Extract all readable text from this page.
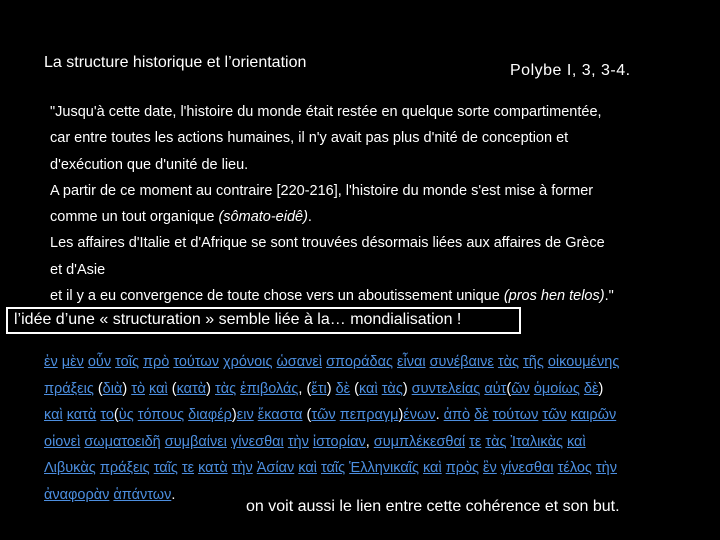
La structure historique et l’orientation	Polybe I, 3, 3-4.
"Jusqu'à cette date, l'histoire du monde était restée en quelque sorte compartimentée,
car entre toutes les actions humaines, il n'y avait pas plus d'nité de conception et
d'exécution que d'unité de lieu.
A partir de ce moment au contraire [220-216], l'histoire du monde s'est mise à former
comme un tout organique (sômato-eidê).
Les affaires d'Italie et d'Afrique se sont trouvées désormais liées aux affaires de Grèce
et d'Asie
et il y a eu convergence de toute chose vers un aboutissement unique (pros hen telos)."
l’idée d’une « structuration » semble liée à la… mondialisation !
ἐν μὲν οὖν τοῖς πρὸ τούτων χρόνοις ὡσανεὶ σποράδας εἶναι συνέβαινε τὰς τῆς οἰκουμένης
πράξεις (διὰ) τὸ καὶ (κατὰ) τὰς ἐπιβολάς, (ἔτι) δὲ (καὶ τὰς) συντελείας αὐτ(ῶν ὁμοίως δὲ)
καὶ κατὰ το(ὺς τόπους διαφέρ)ειν ἕκαστα (τῶν πεπραγμ)ένων. ἀπὸ δὲ τούτων τῶν καιρῶν
οἱονεὶ σωματοειδῆ συμβαίνει γίνεσθαι τὴν ἱστορίαν, συμπλέκεσθαί τε τὰς Ἰταλικὰς καὶ
Λιβυκὰς πράξεις ταῖς τε κατὰ τὴν Ἀσίαν καὶ ταῖς Ἑλληνικαῖς καὶ πρὸς ἓν γίνεσθαι τέλος τὴν
ἀναφορὰν ἁπάντων.
on voit aussi le lien entre cette cohérence et son but.
